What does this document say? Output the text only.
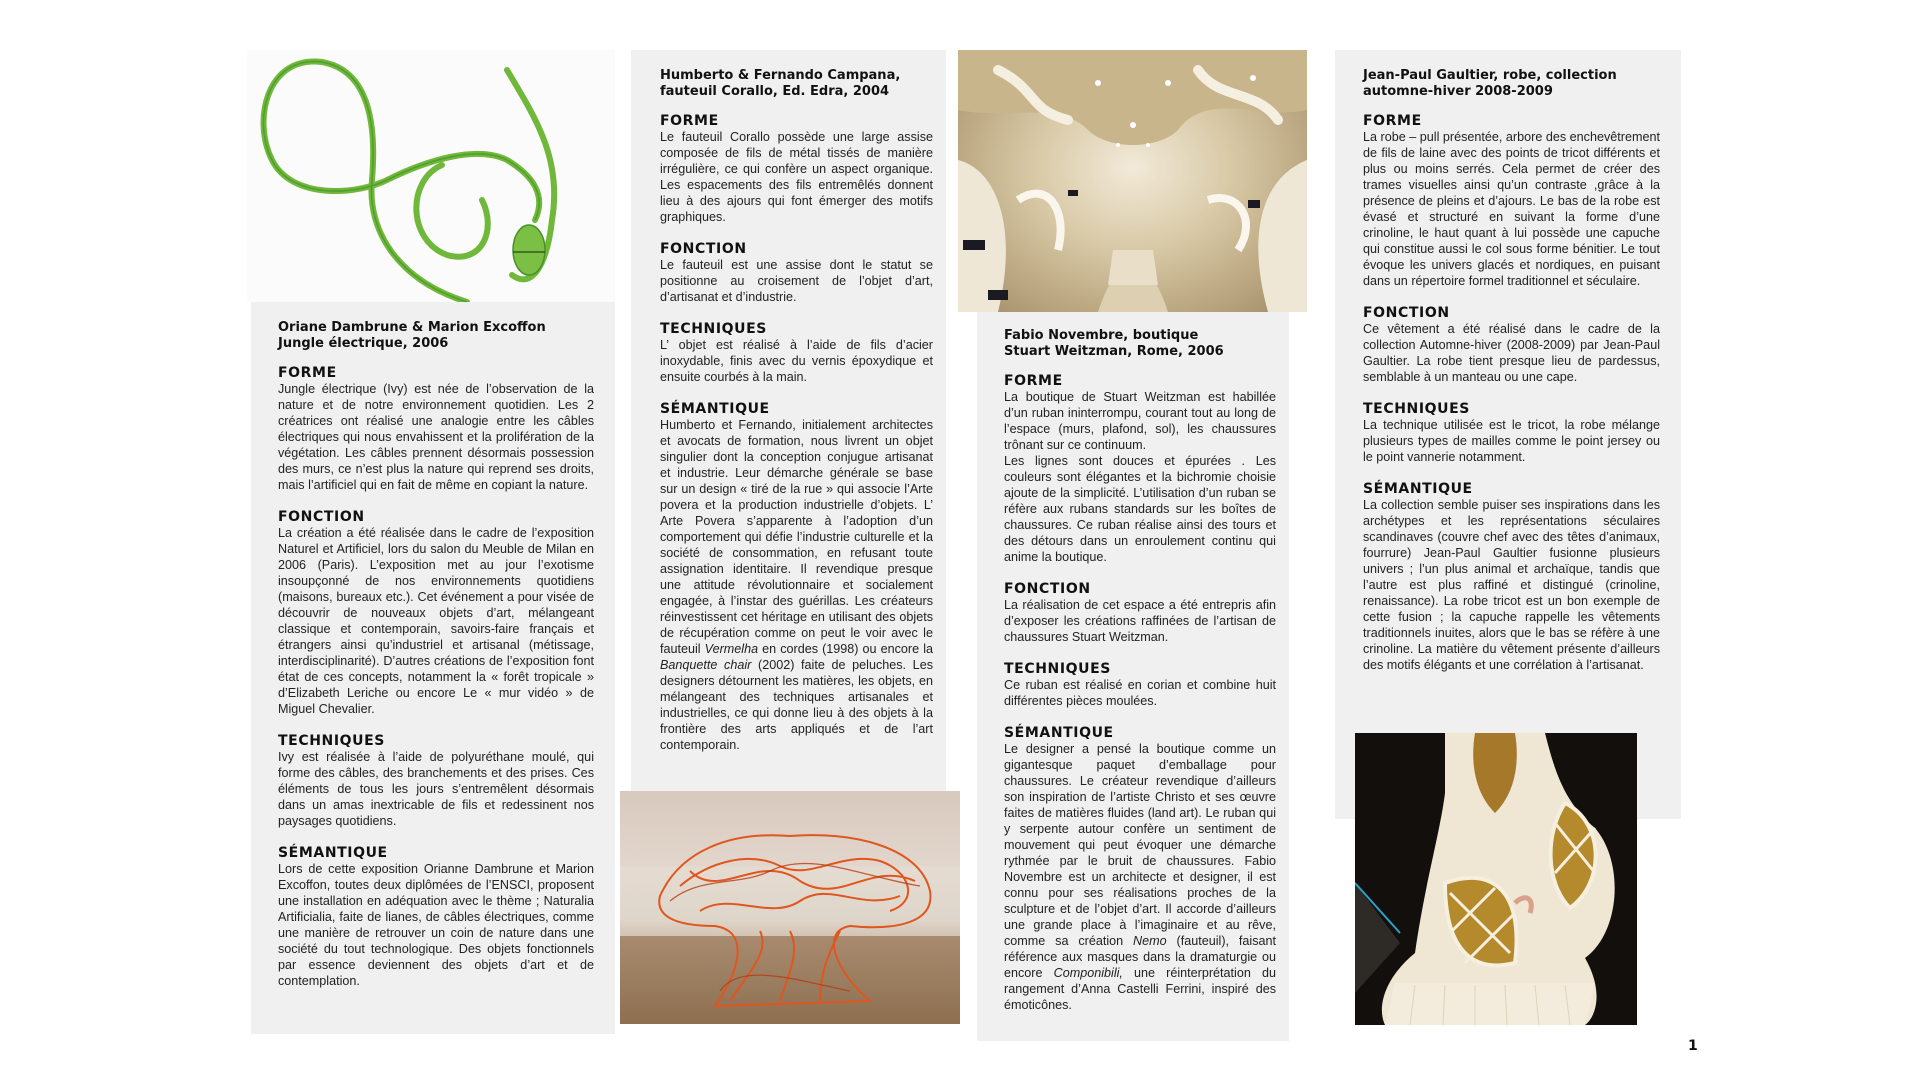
Oriane Dambrune & Marion Excoffon
Jungle électrique, 2006
FORME

Jungle électrique (Ivy) est née de l’observation de la nature et de notre environnement quotidien. Les 2 créatrices ont réalisé une analogie entre les câbles électriques qui nous envahissent et la prolifération de la végétation. Les câbles prennent désormais possession des murs, ce n’est plus la nature qui reprend ses droits, mais l’artificiel qui en fait de même en copiant la nature.

FONCTION

La création a été réalisée dans le cadre de l’exposition Naturel et Artificiel, lors du salon du Meuble de Milan en 2006 (Paris). L’exposition met au jour l’exotisme insoupçonné de nos environnements quotidiens (maisons, bureaux etc.). Cet événement a pour visée de découvrir de nouveaux objets d’art, mélangeant classique et contemporain, savoirs-faire français et étrangers ainsi qu’industriel et artisanal (métissage, interdisciplinarité). D’autres créations de l’exposition font état de ces concepts, notamment la « forêt tropicale » d’Elizabeth Leriche ou encore Le « mur vidéo » de Miguel Chevalier.

TECHNIQUES

Ivy est réalisée à l’aide de polyuréthane moulé, qui forme des câbles, des branchements et des prises. Ces éléments de tous les jours s’entremêlent désormais dans un amas inextricable de fils et redessinent nos paysages quotidiens.

SÉMANTIQUE

Lors de cette exposition Orianne Dambrune et Marion Excoffon, toutes deux diplômées de l’ENSCI, proposent une installation en adéquation avec le thème ; Naturalia Artificialia, faite de lianes, de câbles électriques, comme une manière de retrouver un coin de nature dans une société du tout technologique. Des objets fonctionnels par essence deviennent des objets d’art et de contemplation.

Humberto & Fernando Campana,
fauteuil Corallo, Ed. Edra, 2004
FORME

Le fauteuil Corallo possède une large assise composée de fils de métal tissés de manière irrégulière, ce qui confère un aspect organique. Les espacements des fils entremêlés donnent lieu à des ajours qui font émerger des motifs graphiques.

FONCTION

Le fauteuil est une assise dont le statut se positionne au croisement de l’objet d’art, d’artisanat et d’industrie.

TECHNIQUES

L’ objet est réalisé à l’aide de fils d’acier inoxydable, finis avec du vernis époxydique et ensuite courbés à la main.

SÉMANTIQUE

Humberto et Fernando, initialement architectes et avocats de formation, nous livrent un objet singulier dont la conception conjugue artisanat et industrie. Leur démarche générale se base sur un design « tiré de la rue » qui associe l’Arte povera et la production industrielle d’objets. L’ Arte Povera s’apparente à l’adoption d’un comportement qui défie l’industrie culturelle et la société de consommation, en refusant toute assignation identitaire. Il revendique presque une attitude révolutionnaire et socialement engagée, à l’instar des guérillas. Les créateurs réinvestissent cet héritage en utilisant des objets de récupération comme on peut le voir avec le fauteuil Vermelha en cordes (1998) ou encore la Banquette chair (2002) faite de peluches. Les designers détournent les matières, les objets, en mélangeant des techniques artisanales et industrielles, ce qui donne lieu à des objets à la frontière des arts appliqués et de l’art contemporain.

Fabio Novembre, boutique
Stuart Weitzman, Rome, 2006
FORME

La boutique de Stuart Weitzman est habillée d’un ruban ininterrompu, courant tout au long de l’espace (murs, plafond, sol), les chaussures trônant sur ce continuum.

Les lignes sont douces et épurées . Les couleurs sont élégantes et la bichromie choisie ajoute de la simplicité. L’utilisation d’un ruban se réfère aux rubans standards sur les boîtes de chaussures. Ce ruban réalise ainsi des tours et des détours dans un enroulement continu qui anime la boutique.

FONCTION

La réalisation de cet espace a été entrepris afin d’exposer les créations raffinées de l’artisan de chaussures Stuart Weitzman.

TECHNIQUES

Ce ruban est réalisé en corian et combine huit différentes pièces moulées.

SÉMANTIQUE

Le designer a pensé la boutique comme un gigantesque paquet d’emballage pour chaussures. Le créateur revendique d’ailleurs son inspiration de l’artiste Christo et ses œuvre faites de matières fluides (land art). Le ruban qui y serpente autour confère un sentiment de mouvement qui peut évoquer une démarche rythmée par le bruit de chaussures. Fabio Novembre est un architecte et designer, il est connu pour ses réalisations proches de la sculpture et de l’objet d’art. Il accorde d’ailleurs une grande place à l’imaginaire et au rêve, comme sa création Nemo (fauteuil), faisant référence aux masques dans la dramaturgie ou encore Componibili, une réinterprétation du rangement d’Anna Castelli Ferrini, inspiré des émoticônes.

Jean-Paul Gaultier, robe, collection
automne-hiver 2008-2009
FORME

La robe – pull présentée, arbore des enchevêtrement de fils de laine avec des points de tricot différents et plus ou moins serrés. Cela permet de créer des trames visuelles ainsi qu’un contraste ,grâce à la présence de pleins et d’ajours. Le bas de la robe est évasé et structuré en suivant la forme d’une crinoline, le haut quant à lui possède une capuche qui constitue aussi le col sous forme bénitier. Le tout évoque les univers glacés et nordiques, en puisant dans un répertoire formel traditionnel et séculaire.

FONCTION

Ce vêtement a été réalisé dans le cadre de la collection Automne-hiver (2008-2009) par Jean-Paul Gaultier. La robe tient presque lieu de pardessus, semblable à un manteau ou une cape.

TECHNIQUES

La technique utilisée est le tricot, la robe mélange plusieurs types de mailles comme le point jersey ou le point vannerie notamment.

SÉMANTIQUE

La collection semble puiser ses inspirations dans les archétypes et les représentations séculaires scandinaves (couvre chef avec des têtes d’animaux, fourrure) Jean-Paul Gaultier fusionne plusieurs univers ; l’un plus animal et archaïque, tandis que l’autre est plus raffiné et distingué (crinoline, renaissance). La robe tricot est un bon exemple de cette fusion ; la capuche rappelle les vêtements traditionnels inuites, alors que le bas se réfère à une crinoline. La matière du vêtement présente d’ailleurs des motifs élégants et une corrélation à l’artisanat.

1
